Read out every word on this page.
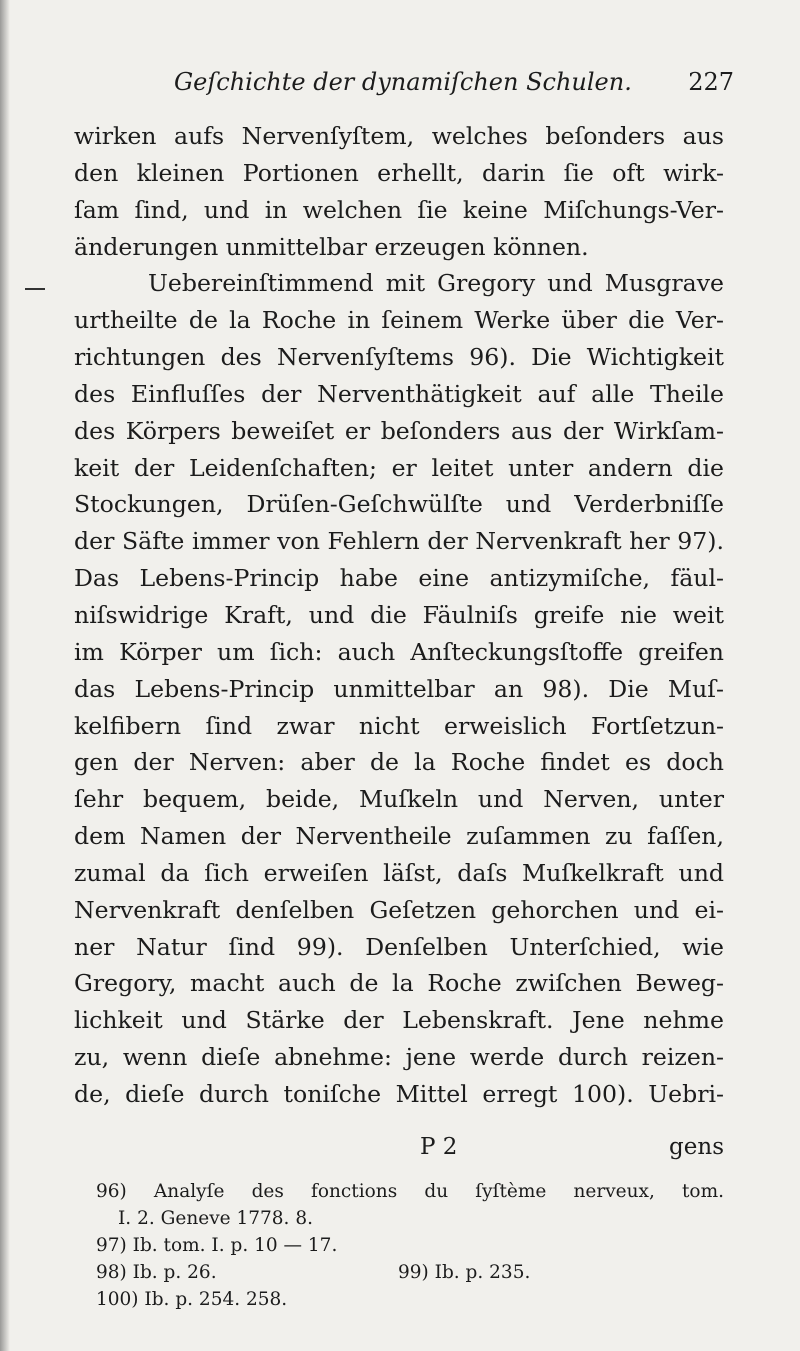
Geſchichte der dynamiſchen Schulen. 227
wirken aufs Nervenſyſtem, welches beſonders aus
den kleinen Portionen erhellt, darin ſie oft wirk-
ſam ſind, und in welchen ſie keine Miſchungs-Ver-
änderungen unmittelbar erzeugen können.
Uebereinſtimmend mit Gregory und Musgrave
urtheilte de la Roche in ſeinem Werke über die Ver-
richtungen des Nervenſyſtems 96). Die Wichtigkeit
des Einfluſſes der Nerventhätigkeit auf alle Theile
des Körpers beweiſet er beſonders aus der Wirkſam-
keit der Leidenſchaften; er leitet unter andern die
Stockungen, Drüſen-Geſchwülſte und Verderbniſſe
der Säfte immer von Fehlern der Nervenkraft her 97).
Das Lebens-Princip habe eine antizymiſche, fäul-
niſswidrige Kraft, und die Fäulniſs greife nie weit
im Körper um ſich: auch Anſteckungsſtoffe greifen
das Lebens-Princip unmittelbar an 98). Die Muſ-
kelfibern ſind zwar nicht erweislich Fortſetzun-
gen der Nerven: aber de la Roche findet es doch
ſehr bequem, beide, Muſkeln und Nerven, unter
dem Namen der Nerventheile zuſammen zu faſſen,
zumal da ſich erweiſen läſst, daſs Muſkelkraft und
Nervenkraft denſelben Geſetzen gehorchen und ei-
ner Natur ſind 99). Denſelben Unterſchied, wie
Gregory, macht auch de la Roche zwiſchen Beweg-
lichkeit und Stärke der Lebenskraft. Jene nehme
zu, wenn dieſe abnehme: jene werde durch reizen-
de, dieſe durch toniſche Mittel erregt 100). Uebri-
P 2	gens
96) Analyſe des fonctions du ſyſtème nerveux, tom.
I. 2. Geneve 1778. 8.
97) Ib. tom. I. p. 10 — 17.
98) Ib. p. 26.	99) Ib. p. 235.
100) Ib. p. 254. 258.
